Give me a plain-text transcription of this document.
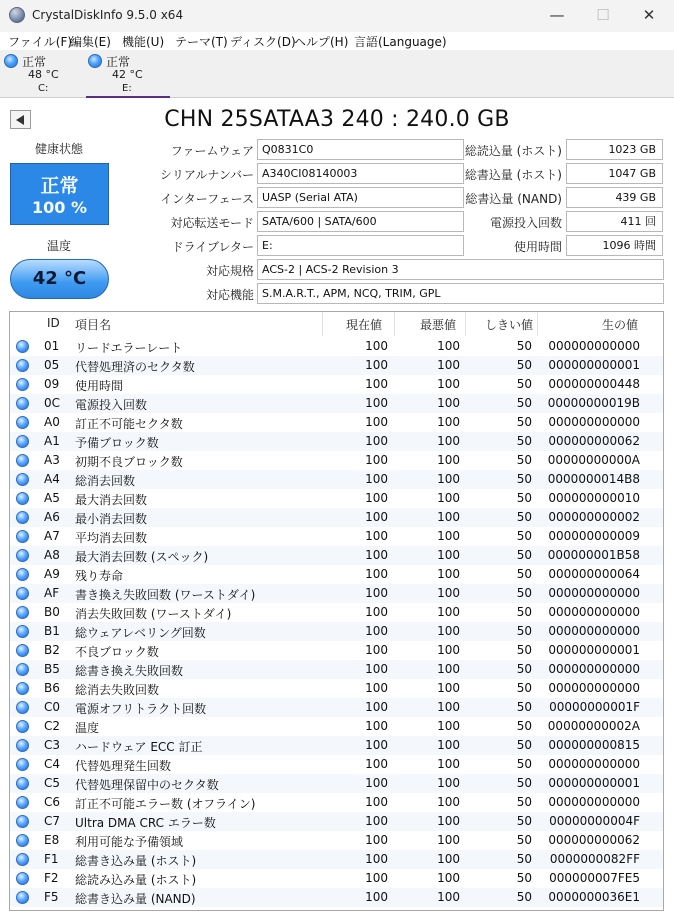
CrystalDiskInfo 9.5.0 x64	—	☐	✕
ファイル(F)
編集(E) 機能(U) テーマ(T) ディスク(D)
ヘルプ(H) 言語(Language)
正常
48 °C
C:
正常
42 °C
E:
CHN 25SATAA3 240 : 240.0 GB
健康状態
正常
100 %
温度
42 °C
ファームウェア Q0831C0
シリアルナンバー A340CI08140003
インターフェース UASP (Serial ATA)
対応転送モード SATA/600 | SATA/600
ドライブレター E:
総読込量 (ホスト)	1023 GB
総書込量 (ホスト)	1047 GB
総書込量 (NAND)	439 GB
電源投入回数	411 回
使用時間	1096 時間
対応規格 ACS-2 | ACS-2 Revision 3
対応機能 S.M.A.R.T., APM, NCQ, TRIM, GPL
ID 項目名	現在値	最悪値 しきい値	生の値
01 リードエラーレート	100	100	50	000000000000
05 代替処理済のセクタ数	100	100	50	000000000001
09 使用時間	100	100	50	000000000448
0C 電源投入回数	100	100	50	00000000019B
A0 訂正不可能セクタ数	100	100	50	000000000000
A1 予備ブロック数	100	100	50	000000000062
A3 初期不良ブロック数	100	100	50	00000000000A
A4 総消去回数	100	100	50	0000000014B8
A5 最大消去回数	100	100	50	000000000010
A6 最小消去回数	100	100	50	000000000002
A7 平均消去回数	100	100	50	000000000009
A8 最大消去回数 (スペック)	100	100	50	000000001B58
A9 残り寿命	100	100	50	000000000064
AF 書き換え失敗回数 (ワーストダイ)	100	100	50	000000000000
B0 消去失敗回数 (ワーストダイ)	100	100	50	000000000000
B1 総ウェアレベリング回数	100	100	50	000000000000
B2 不良ブロック数	100	100	50	000000000001
B5 総書き換え失敗回数	100	100	50	000000000000
B6 総消去失敗回数	100	100	50	000000000000
C0 電源オフリトラクト回数	100	100	50	00000000001F
C2 温度	100	100	50	00000000002A
C3 ハードウェア ECC 訂正	100	100	50	000000000815
C4 代替処理発生回数	100	100	50	000000000000
C5 代替処理保留中のセクタ数	100	100	50	000000000001
C6 訂正不可能エラー数 (オフライン)	100	100	50	000000000000
C7 Ultra DMA CRC エラー数	100	100	50	00000000004F
E8 利用可能な予備領域	100	100	50	000000000062
F1 総書き込み量 (ホスト)	100	100	50	0000000082FF
F2 総読み込み量 (ホスト)	100	100	50	000000007FE5
F5 総書き込み量 (NAND)	100	100	50	0000000036E1
